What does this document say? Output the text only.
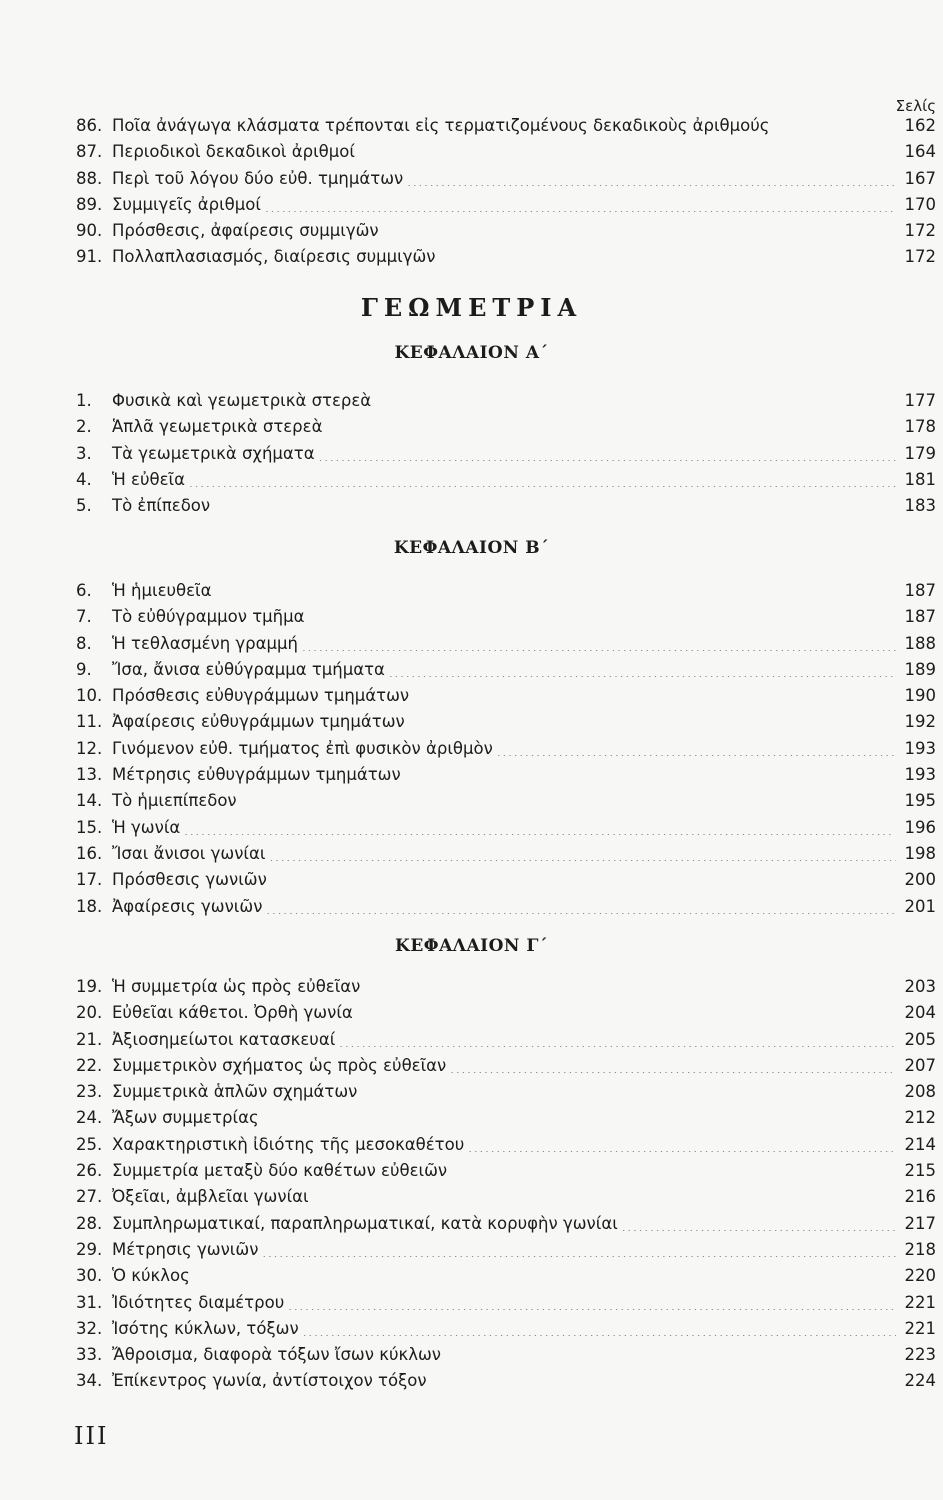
Σελίς
86. Ποῖα ἀνάγωγα κλάσματα τρέπονται εἰς τερματιζομένους δεκαδικοὺς ἀριθμούς . . .	162
87. Περιοδικοὶ δεκαδικοὶ ἀριθμοί . . .	164
88. Περὶ τοῦ λόγου δύο εὐθ. τμημάτων . . .	167
89. Συμμιγεῖς ἀριθμοί . . .	170
90. Πρόσθεσις, ἀφαίρεσις συμμιγῶν . . .	172
91. Πολλαπλασιασμός, διαίρεσις συμμιγῶν . . .	172
ΓΕΩΜΕΤΡΙΑ
ΚΕΦΑΛΑΙΟΝ Α΄
1.	Φυσικὰ καὶ γεωμετρικὰ στερεὰ . . .	177
2.	Ἁπλᾶ γεωμετρικὰ στερεὰ . . .	178
3.	Τὰ γεωμετρικὰ σχήματα . . .	179
4.	Ἡ εὐθεῖα . . .	181
5.	Τὸ ἐπίπεδον . . .	183
ΚΕΦΑΛΑΙΟΝ Β΄
6.	Ἡ ἡμιευθεῖα . . .	187
7.	Τὸ εὐθύγραμμον τμῆμα . . .	187
8.	Ἡ τεθλασμένη γραμμή . . .	188
9.	Ἴσα, ἄνισα εὐθύγραμμα τμήματα . . .	189
10. Πρόσθεσις εὐθυγράμμων τμημάτων . . .	190
11. Ἀφαίρεσις εὐθυγράμμων τμημάτων . . .	192
12. Γινόμενον εὐθ. τμήματος ἐπὶ φυσικὸν ἀριθμὸν . . .	193
13. Μέτρησις εὐθυγράμμων τμημάτων . . .	193
14. Τὸ ἡμιεπίπεδον . . .	195
15. Ἡ γωνία . . .	196
16. Ἴσαι ἄνισοι γωνίαι . . .	198
17. Πρόσθεσις γωνιῶν . . .	200
18. Ἀφαίρεσις γωνιῶν . . .	201
ΚΕΦΑΛΑΙΟΝ Γ΄
19. Ἡ συμμετρία ὡς πρὸς εὐθεῖαν . . .	203
20. Εὐθεῖαι κάθετοι. Ὀρθὴ γωνία . . .	204
21. Ἀξιοσημείωτοι κατασκευαί . . .	205
22. Συμμετρικὸν σχήματος ὡς πρὸς εὐθεῖαν . . .	207
23. Συμμετρικὰ ἁπλῶν σχημάτων . . .	208
24. Ἄξων συμμετρίας . . .	212
25. Χαρακτηριστικὴ ἰδιότης τῆς μεσοκαθέτου . . .	214
26. Συμμετρία μεταξὺ δύο καθέτων εὐθειῶν . . .	215
27. Ὀξεῖαι, ἀμβλεῖαι γωνίαι . . .	216
28. Συμπληρωματικαί, παραπληρωματικαί, κατὰ κορυφὴν γωνίαι . . .	217
29. Μέτρησις γωνιῶν . . .	218
30. Ὁ κύκλος . . .	220
31. Ἰδιότητες διαμέτρου . . .	221
32. Ἰσότης κύκλων, τόξων . . .	221
33. Ἄθροισμα, διαφορὰ τόξων ἴσων κύκλων . . .	223
34. Ἐπίκεντρος γωνία, ἀντίστοιχον τόξον . . .	224
III
